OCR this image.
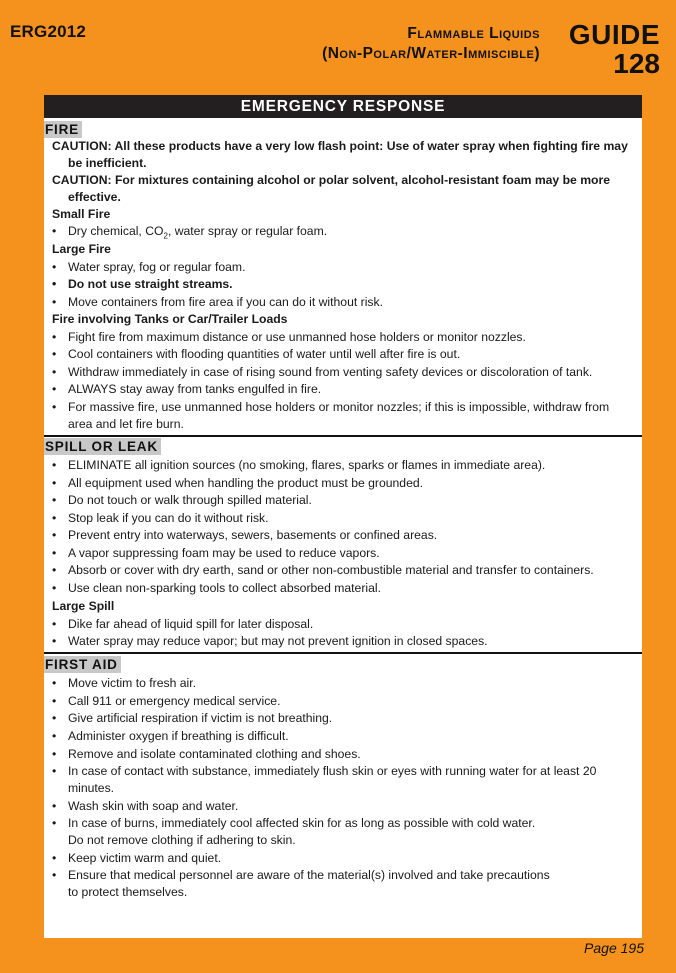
ERG2012	Flammable Liquids
(Non-Polar/Water-Immiscible)
GUIDE
128
EMERGENCY RESPONSE
FIRE
CAUTION: All these products have a very low flash point: Use of water spray when fighting fire may
be inefficient.
CAUTION: For mixtures containing alcohol or polar solvent, alcohol-resistant foam may be more
effective.
Small Fire
• Dry chemical, $CO_2$, water spray or regular foam.
Large Fire
• Water spray, fog or regular foam.
• Do not use straight streams.
• Move containers from fire area if you can do it without risk.
Fire involving Tanks or Car/Trailer Loads
• Fight fire from maximum distance or use unmanned hose holders or monitor nozzles.
• Cool containers with flooding quantities of water until well after fire is out.
• Withdraw immediately in case of rising sound from venting safety devices or discoloration of tank.
• ALWAYS stay away from tanks engulfed in fire.
• For massive fire, use unmanned hose holders or monitor nozzles; if this is impossible, withdraw from
area and let fire burn.
SPILL OR LEAK
• ELIMINATE all ignition sources (no smoking, flares, sparks or flames in immediate area).
• All equipment used when handling the product must be grounded.
• Do not touch or walk through spilled material.
• Stop leak if you can do it without risk.
• Prevent entry into waterways, sewers, basements or confined areas.
• A vapor suppressing foam may be used to reduce vapors.
• Absorb or cover with dry earth, sand or other non-combustible material and transfer to containers.
• Use clean non-sparking tools to collect absorbed material.
Large Spill
• Dike far ahead of liquid spill for later disposal.
• Water spray may reduce vapor; but may not prevent ignition in closed spaces.
FIRST AID
• Move victim to fresh air.
• Call 911 or emergency medical service.
• Give artificial respiration if victim is not breathing.
• Administer oxygen if breathing is difficult.
• Remove and isolate contaminated clothing and shoes.
• In case of contact with substance, immediately flush skin or eyes with running water for at least 20
minutes.
• Wash skin with soap and water.
• In case of burns, immediately cool affected skin for as long as possible with cold water.
Do not remove clothing if adhering to skin.
• Keep victim warm and quiet.
• Ensure that medical personnel are aware of the material(s) involved and take precautions
to protect themselves.
Page 195
